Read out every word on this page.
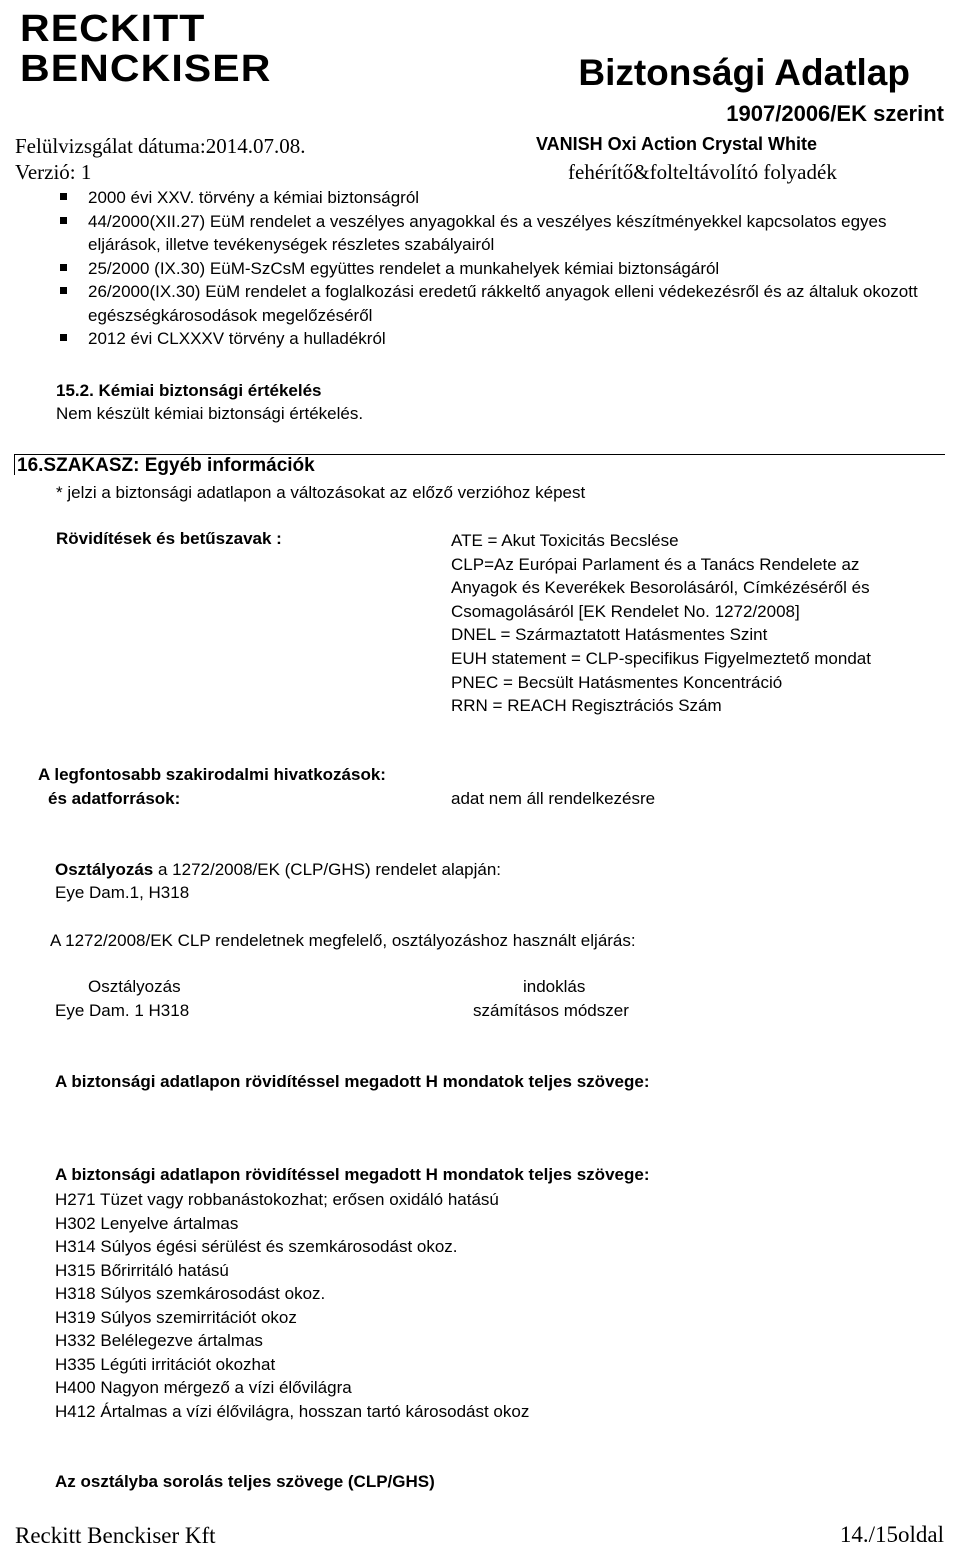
RECKITT
BENCKISER	Biztonsági Adatlap
1907/2006/EK szerint
Felülvizsgálat dátuma:2014.07.08.
Verzió: 1
VANISH Oxi Action Crystal White
fehérítő&folteltávolító folyadék
2000 évi XXV. törvény a kémiai biztonságról
44/2000(XII.27) EüM rendelet a veszélyes anyagokkal és a veszélyes készítményekkel kapcsolatos egyes eljárások, illetve tevékenységek részletes szabályairól
25/2000 (IX.30) EüM-SzCsM együttes rendelet a munkahelyek kémiai biztonságáról
26/2000(IX.30) EüM rendelet a foglalkozási eredetű rákkeltő anyagok elleni védekezésről és az általuk okozott egészségkárosodások megelőzéséről
2012 évi CLXXXV törvény a hulladékról
15.2. Kémiai biztonsági értékelés
Nem készült kémiai biztonsági értékelés.
16.SZAKASZ: Egyéb információk
* jelzi a biztonsági adatlapon a változásokat az előző verzióhoz képest
Rövidítések és betűszavak :	ATE = Akut Toxicitás Becslése
CLP=Az Európai Parlament és a Tanács Rendelete az Anyagok és Keverékek Besorolásáról, Címkézéséről és Csomagolásáról [EK Rendelet No. 1272/2008]
DNEL = Származtatott Hatásmentes Szint
EUH statement = CLP-specifikus Figyelmeztető mondat
PNEC = Becsült Hatásmentes Koncentráció
RRN = REACH Regisztrációs Szám
A legfontosabb szakirodalmi hivatkozások:
és adatforrások:	adat nem áll rendelkezésre
Osztályozás a 1272/2008/EK (CLP/GHS) rendelet alapján:
Eye Dam.1, H318
A 1272/2008/EK CLP rendeletnek megfelelő, osztályozáshoz használt eljárás:
Osztályozás	indoklás
Eye Dam. 1 H318	számításos módszer
A biztonsági adatlapon rövidítéssel megadott H mondatok teljes szövege:
A biztonsági adatlapon rövidítéssel megadott H mondatok teljes szövege:
H271 Tüzet vagy robbanástokozhat; erősen oxidáló hatású
H302 Lenyelve ártalmas
H314 Súlyos égési sérülést és szemkárosodást okoz.
H315 Bőrirritáló hatású
H318 Súlyos szemkárosodást okoz.
H319 Súlyos szemirritációt okoz
H332 Belélegezve ártalmas
H335 Légúti irritációt okozhat
H400 Nagyon mérgező a vízi élővilágra
H412 Ártalmas a vízi élővilágra, hosszan tartó károsodást okoz
Az osztályba sorolás teljes szövege (CLP/GHS)
Reckitt Benckiser Kft	14./15oldal
